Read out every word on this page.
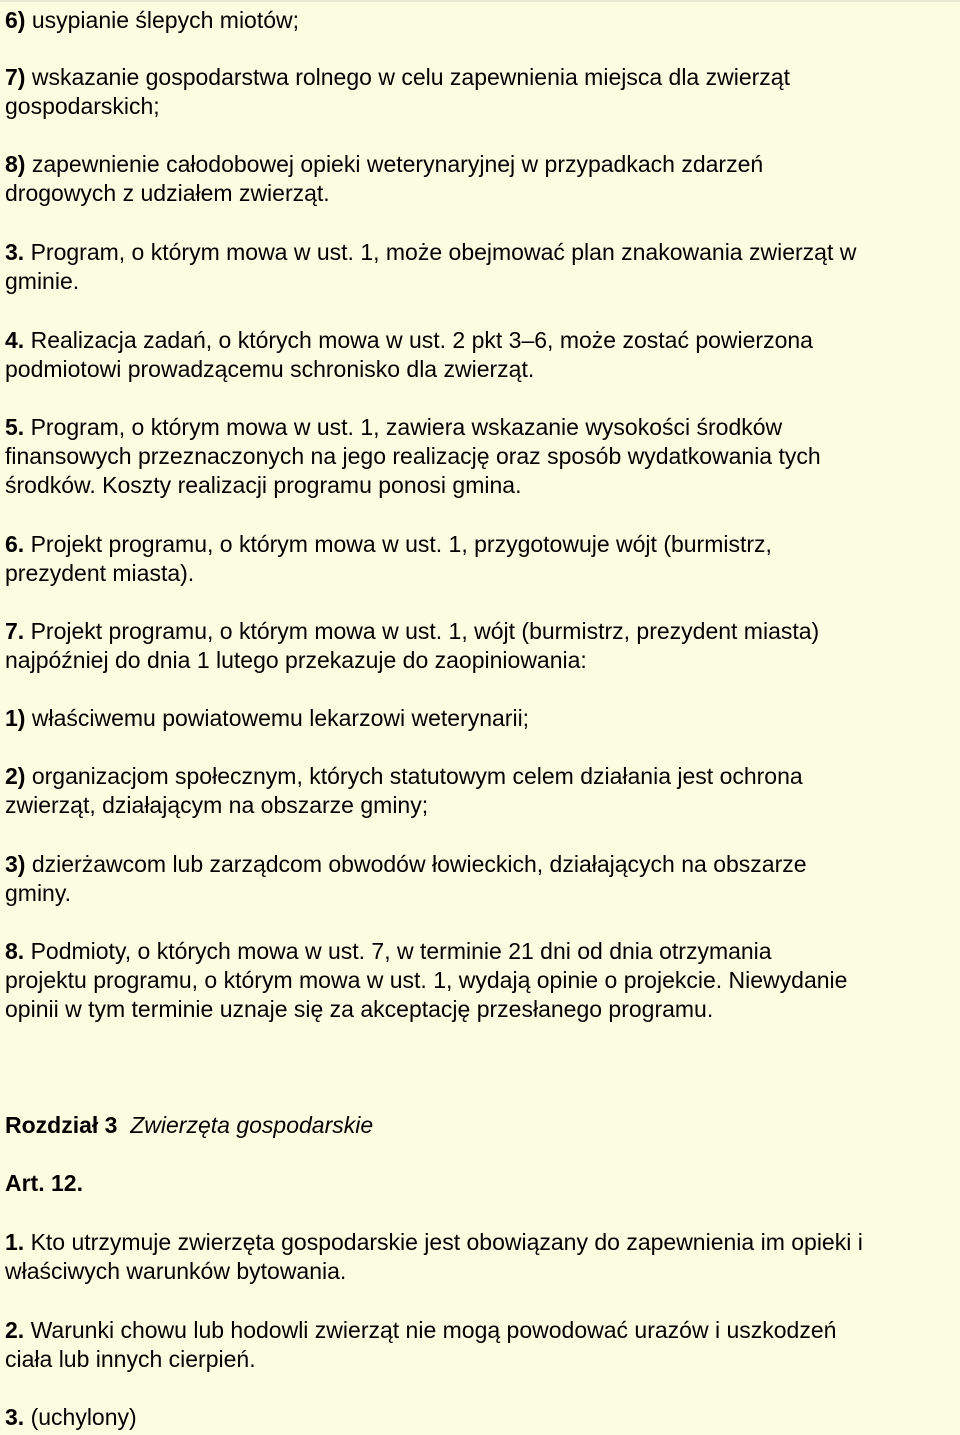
6) usypianie ślepych miotów;

7) wskazanie gospodarstwa rolnego w celu zapewnienia miejsca dla zwierząt
gospodarskich;

8) zapewnienie całodobowej opieki weterynaryjnej w przypadkach zdarzeń
drogowych z udziałem zwierząt.

3. Program, o którym mowa w ust. 1, może obejmować plan znakowania zwierząt w
gminie.

4. Realizacja zadań, o których mowa w ust. 2 pkt 3–6, może zostać powierzona
podmiotowi prowadzącemu schronisko dla zwierząt.

5. Program, o którym mowa w ust. 1, zawiera wskazanie wysokości środków
finansowych przeznaczonych na jego realizację oraz sposób wydatkowania tych
środków. Koszty realizacji programu ponosi gmina.

6. Projekt programu, o którym mowa w ust. 1, przygotowuje wójt (burmistrz,
prezydent miasta).

7. Projekt programu, o którym mowa w ust. 1, wójt (burmistrz, prezydent miasta)
najpóźniej do dnia 1 lutego przekazuje do zaopiniowania:

1) właściwemu powiatowemu lekarzowi weterynarii;

2) organizacjom społecznym, których statutowym celem działania jest ochrona
zwierząt, działającym na obszarze gminy;

3) dzierżawcom lub zarządcom obwodów łowieckich, działających na obszarze
gminy.

8. Podmioty, o których mowa w ust. 7, w terminie 21 dni od dnia otrzymania
projektu programu, o którym mowa w ust. 1, wydają opinie o projekcie. Niewydanie
opinii w tym terminie uznaje się za akceptację przesłanego programu.

Rozdział 3 Zwierzęta gospodarskie

Art. 12.

1. Kto utrzymuje zwierzęta gospodarskie jest obowiązany do zapewnienia im opieki i
właściwych warunków bytowania.

2. Warunki chowu lub hodowli zwierząt nie mogą powodować urazów i uszkodzeń
ciała lub innych cierpień.

3. (uchylony)
